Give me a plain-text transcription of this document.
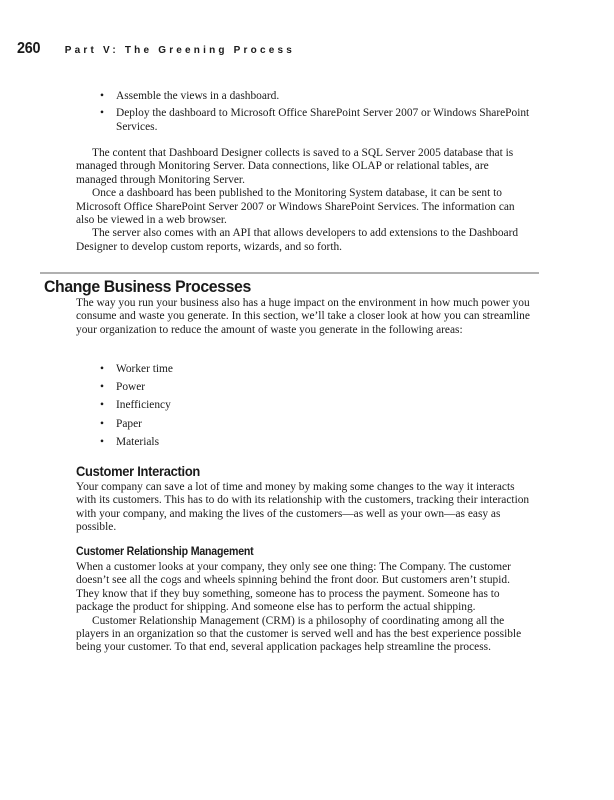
260 Part V: The Greening Process
• Assemble the views in a dashboard.
• Deploy the dashboard to Microsoft Office SharePoint Server 2007 or Windows SharePoint Services.

The content that Dashboard Designer collects is saved to a SQL Server 2005 database that is managed through Monitoring Server. Data connections, like OLAP or relational tables, are managed through Monitoring Server.

Once a dashboard has been published to the Monitoring System database, it can be sent to Microsoft Office SharePoint Server 2007 or Windows SharePoint Services. The information can also be viewed in a web browser.

The server also comes with an API that allows developers to add extensions to the Dashboard Designer to develop custom reports, wizards, and so forth.

Change Business Processes

The way you run your business also has a huge impact on the environment in how much power you consume and waste you generate. In this section, we’ll take a closer look at how you can streamline your organization to reduce the amount of waste you generate in the following areas:

• Worker time
• Power
• Inefficiency
• Paper
• Materials
Customer Interaction

Your company can save a lot of time and money by making some changes to the way it interacts with its customers. This has to do with its relationship with the customers, tracking their interaction with your company, and making the lives of the customers—as well as your own—as easy as possible.

Customer Relationship Management

When a customer looks at your company, they only see one thing: The Company. The customer doesn’t see all the cogs and wheels spinning behind the front door. But customers aren’t stupid. They know that if they buy something, someone has to process the payment. Someone has to package the product for shipping. And someone else has to perform the actual shipping.

Customer Relationship Management (CRM) is a philosophy of coordinating among all the players in an organization so that the customer is served well and has the best experience possible being your customer. To that end, several application packages help streamline the process.
